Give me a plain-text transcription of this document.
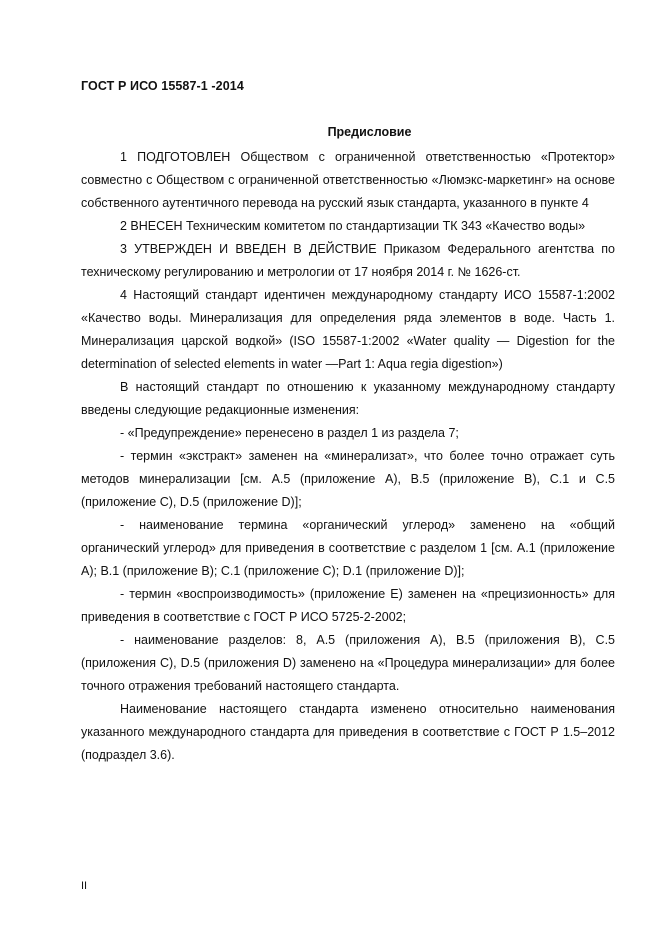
ГОСТ Р ИСО 15587-1 -2014
Предисловие

1 ПОДГОТОВЛЕН Обществом с ограниченной ответственностью «Протектор» совместно с Обществом с ограниченной ответственностью «Люмэкс-маркетинг» на основе собственного аутентичного перевода на русский язык стандарта, указанного в пункте 4

2 ВНЕСЕН Техническим комитетом по стандартизации ТК 343 «Качество воды»

3 УТВЕРЖДЕН И ВВЕДЕН В ДЕЙСТВИЕ Приказом Федерального агентства по техническому регулированию и метрологии от 17 ноября 2014 г. № 1626-ст.

4 Настоящий стандарт идентичен международному стандарту ИСО 15587-1:2002 «Качество воды. Минерализация для определения ряда элементов в воде. Часть 1. Минерализация царской водкой» (ISO 15587-1:2002 «Water quality — Digestion for the determination of selected elements in water —Part 1: Aqua regia digestion»)

В настоящий стандарт по отношению к указанному международному стандарту введены следующие редакционные изменения:

- «Предупреждение» перенесено в раздел 1 из раздела 7;

- термин «экстракт» заменен на «минерализат», что более точно отражает суть методов минерализации [см. А.5 (приложение А), В.5 (приложение В), С.1 и С.5 (приложение С), D.5 (приложение D)];

- наименование термина «органический углерод» заменено на «общий органический углерод» для приведения в соответствие с разделом 1 [см. А.1 (приложение А); В.1 (приложение В); С.1 (приложение С); D.1 (приложение D)];

- термин «воспроизводимость» (приложение Е) заменен на «прецизионность» для приведения в соответствие с ГОСТ Р ИСО 5725-2-2002;

- наименование разделов: 8, А.5 (приложения А), В.5 (приложения В), С.5 (приложения С), D.5 (приложения D) заменено на «Процедура минерализации» для более точного отражения требований настоящего стандарта.

Наименование настоящего стандарта изменено относительно наименования указанного международного стандарта для приведения в соответствие с ГОСТ Р 1.5–2012 (подраздел 3.6).

II
